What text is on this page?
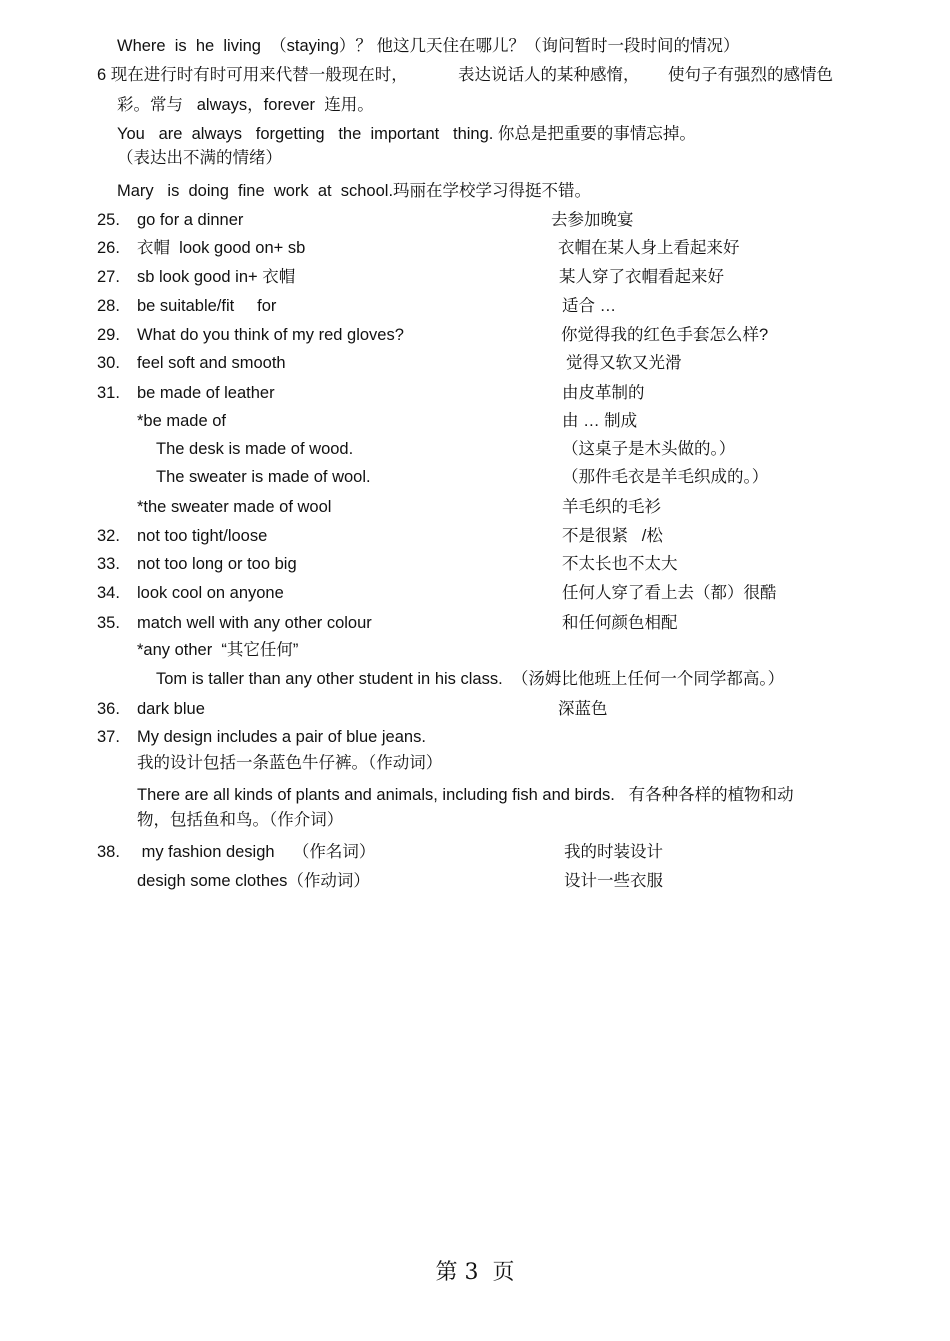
Where  is  he  living  （staying）？ 他这几天住在哪儿？（询问暂时一段时间的情况）
6 现在进行时有时可用来代替一般现在时，	表达说话人的某种感惰， 使句子有强烈的感情色
彩。常与   always，forever  连用。
You   are  always   forgetting   the  important   thing. 你总是把重要的事情忘掉。
（表达出不满的情绪）
Mary   is  doing  fine  work  at  school.玛丽在学校学习得挺不错。
25. go for a dinner	去参加晚宴
26. 衣帽  look good on+ sb	衣帽在某人身上看起来好
27. sb look good in+ 衣帽	某人穿了衣帽看起来好
28. be suitable/fit     for	适合 …
29. What do you think of my red gloves?	你觉得我的红色手套怎么样?
30. feel soft and smooth	觉得又软又光滑
31. be made of leather	由皮革制的
*be made of	由 … 制成
The desk is made of wood.	（这桌子是木头做的。）
The sweater is made of wool.	（那件毛衣是羊毛织成的。）
*the sweater made of wool	羊毛织的毛衫
32. not too tight/loose	不是很紧   /松
33. not too long or too big	不太长也不太大
34. look cool on anyone	任何人穿了看上去（都）很酷
35. match well with any other colour	和任何颜色相配
*any other  “其它任何”
Tom is taller than any other student in his class.  （汤姆比他班上任何一个同学都高。）
36. dark blue	深蓝色
37. My design includes a pair of blue jeans.
我的设计包括一条蓝色牛仔裤。（作动词）
There are all kinds of plants and animals, including fish and birds.   有各种各样的植物和动
物，包括鱼和鸟。（作介词）
38. my fashion desigh    （作名词）	我的时装设计
desigh some clothes（作动词）	设计一些衣服
第 3  页
